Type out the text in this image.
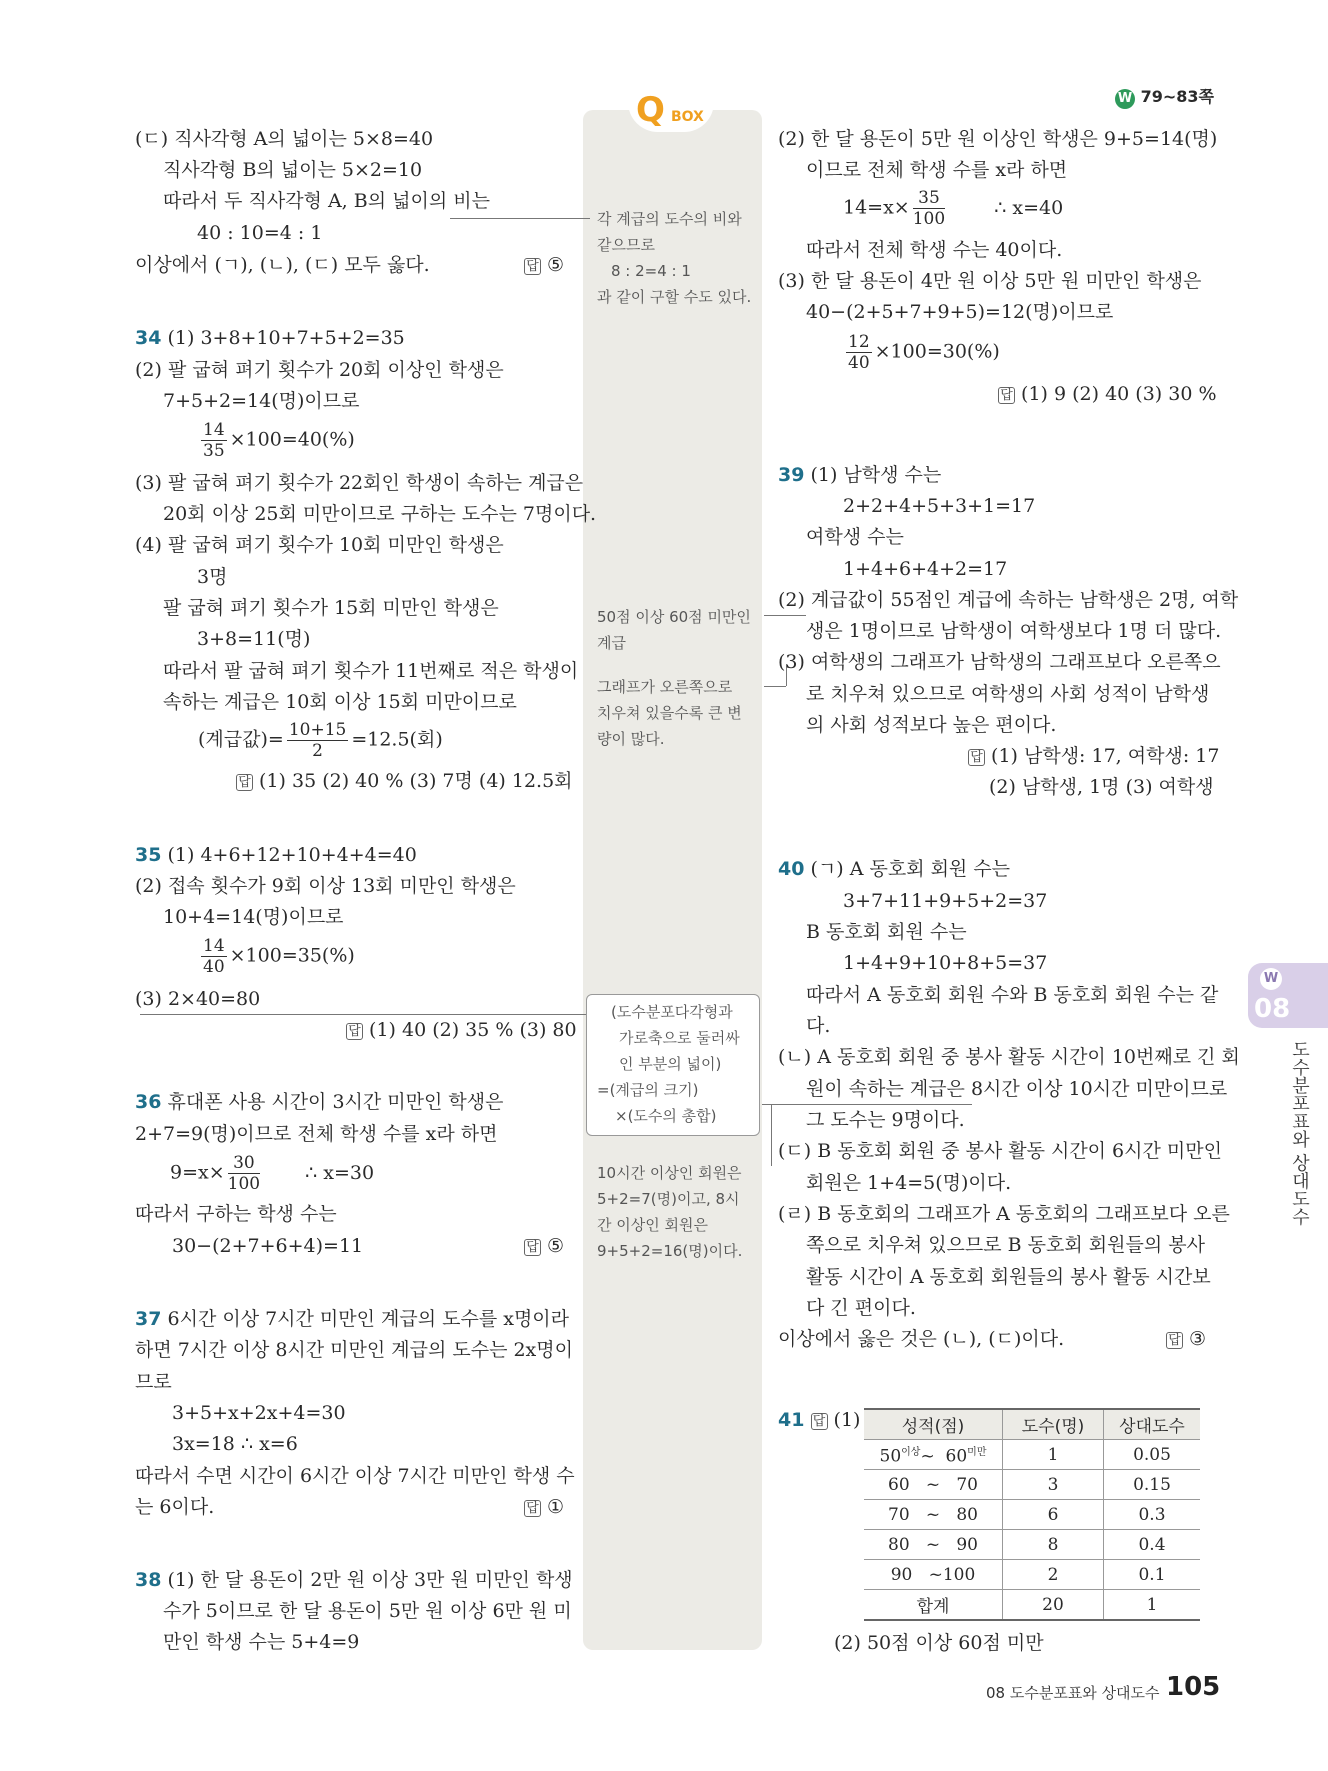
W 79~83쪽
Q BOX
각 계급의 도수의 비와
같으므로
8 : 2=4 : 1
과 같이 구할 수도 있다.
50점 이상 60점 미만인
계급
그래프가 오른쪽으로
치우쳐 있을수록 큰 변
량이 많다.
(도수분포다각형과
가로축으로 둘러싸
인 부분의 넓이)
=(계급의 크기)
×(도수의 총합)
10시간 이상인 회원은
5+2=7(명)이고, 8시
간 이상인 회원은
9+5+2=16(명)이다.
(ㄷ) 직사각형 A의 넓이는 5×8=40
직사각형 B의 넓이는 5×2=10
따라서 두 직사각형 A, B의 넓이의 비는
40 : 10=4 : 1
이상에서 (ㄱ), (ㄴ), (ㄷ) 모두 옳다.	답 ⑤
34 (1) 3+8+10+7+5+2=35
(2) 팔 굽혀 펴기 횟수가 20회 이상인 학생은
7+5+2=14(명)이므로
$\frac{14}{35} \times 100=40(\%)$
(3) 팔 굽혀 펴기 횟수가 22회인 학생이 속하는 계급은
20회 이상 25회 미만이므로 구하는 도수는 7명이다.
(4) 팔 굽혀 펴기 횟수가 10회 미만인 학생은
3명
팔 굽혀 펴기 횟수가 15회 미만인 학생은
3+8=11(명)
따라서 팔 굽혀 펴기 횟수가 11번째로 적은 학생이
속하는 계급은 10회 이상 15회 미만이므로
(계급값)= $\frac{10+15}{2} =12.5$(회)
답 (1) 35 (2) 40 % (3) 7명 (4) 12.5회
35 (1) 4+6+12+10+4+4=40
(2) 접속 횟수가 9회 이상 13회 미만인 학생은
10+4=14(명)이므로
$\frac{14}{40} \times 100=35(\%)$
(3) 2×40=80
답 (1) 40 (2) 35 % (3) 80
36 휴대폰 사용 시간이 3시간 미만인 학생은
2+7=9(명)이므로 전체 학생 수를 x라 하면
$9=x\times \frac{30}{100}$ ∴ x=30
따라서 구하는 학생 수는
30−(2+7+6+4)=11	답 ⑤
37 6시간 이상 7시간 미만인 계급의 도수를 x명이라
하면 7시간 이상 8시간 미만인 계급의 도수는 2x명이
므로
3+5+x+2x+4=30
3x=18 ∴ x=6
따라서 수면 시간이 6시간 이상 7시간 미만인 학생 수
는 6이다.	답 ①
38 (1) 한 달 용돈이 2만 원 이상 3만 원 미만인 학생
수가 5이므로 한 달 용돈이 5만 원 이상 6만 원 미
만인 학생 수는 5+4=9
(2) 한 달 용돈이 5만 원 이상인 학생은 9+5=14(명)
이므로 전체 학생 수를 x라 하면
$14=x\times \frac{35}{100}$	∴ x=40
따라서 전체 학생 수는 40이다.
(3) 한 달 용돈이 4만 원 이상 5만 원 미만인 학생은
40−(2+5+7+9+5)=12(명)이므로
$\frac{12}{40} \times 100=30(\%)$
답 (1) 9 (2) 40 (3) 30 %
39 (1) 남학생 수는
2+2+4+5+3+1=17
여학생 수는
1+4+6+4+2=17
(2) 계급값이 55점인 계급에 속하는 남학생은 2명, 여학
생은 1명이므로 남학생이 여학생보다 1명 더 많다.
(3) 여학생의 그래프가 남학생의 그래프보다 오른쪽으
로 치우쳐 있으므로 여학생의 사회 성적이 남학생
의 사회 성적보다 높은 편이다.
답 (1) 남학생: 17, 여학생: 17
(2) 남학생, 1명 (3) 여학생
40 (ㄱ) A 동호회 회원 수는
3+7+11+9+5+2=37
B 동호회 회원 수는
1+4+9+10+8+5=37
따라서 A 동호회 회원 수와 B 동호회 회원 수는 같
다.
(ㄴ) A 동호회 회원 중 봉사 활동 시간이 10번째로 긴 회
원이 속하는 계급은 8시간 이상 10시간 미만이므로
그 도수는 9명이다.
(ㄷ) B 동호회 회원 중 봉사 활동 시간이 6시간 미만인
회원은 1+4=5(명)이다.
(ㄹ) B 동호회의 그래프가 A 동호회의 그래프보다 오른
쪽으로 치우쳐 있으므로 B 동호회 회원들의 봉사
활동 시간이 A 동호회 회원들의 봉사 활동 시간보
다 긴 편이다.
이상에서 옳은 것은 (ㄴ), (ㄷ)이다.	답 ③
41 답 (1) 성적(점)	도수(명)	상대도수
$50^{이상}\sim$  $60^{미만}$	1	0.05
60   ~   70	3	0.15
70   ~   80	6	0.3
80   ~   90	8	0.4
90   ~100	2	0.1
합계	20	1
(2) 50점 이상 60점 미만
W
08
도수분포표와 상대도수
08 도수분포표와 상대도수 105
